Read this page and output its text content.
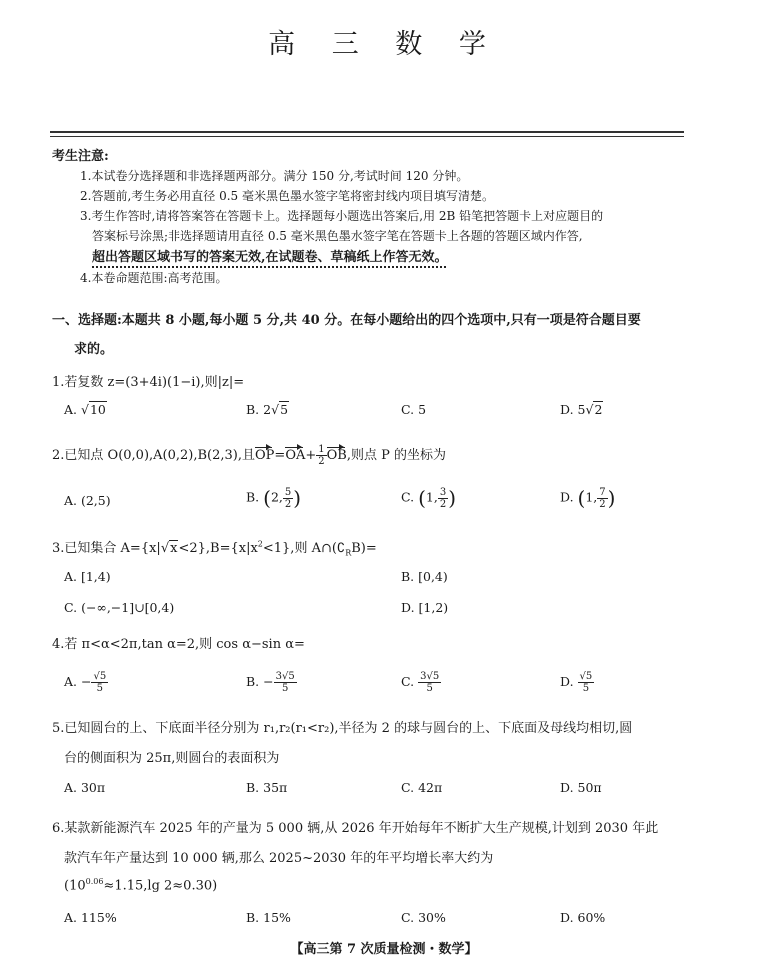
高 三 数 学
考生注意:
1.本试卷分选择题和非选择题两部分。满分 150 分,考试时间 120 分钟。
2.答题前,考生务必用直径 0.5 毫米黑色墨水签字笔将密封线内项目填写清楚。
3.考生作答时,请将答案答在答题卡上。选择题每小题选出答案后,用 2B 铅笔把答题卡上对应题目的
答案标号涂黑;非选择题请用直径 0.5 毫米黑色墨水签字笔在答题卡上各题的答题区域内作答,
超出答题区域书写的答案无效,在试题卷、草稿纸上作答无效。
4.本卷命题范围:高考范围。
一、选择题:本题共 8 小题,每小题 5 分,共 40 分。在每小题给出的四个选项中,只有一项是符合题目要
求的。
1.若复数 z=(3+4i)(1−i),则|z|=
A. √10	B. 2√5	C. 5	D. 5√2
2.已知点 O(0,0),A(0,2),B(2,3),且$OP=OA+ \frac{1}{2}$ OB,则点 P 的坐标为
A. (2,5)	B. (2, $\frac{5}{2}$ )	C. (1, $\frac{3}{2}$ )	D. (1, $\frac{7}{2}$ )
3.已知集合 $A=\{x|√x<2\},B=\{x|x^2<1\}$,则 $A\cap(∁_RB)=$
A. [1,4)	B. [0,4)
C. (−∞,−1]∪[0,4)	D. [1,2)
4.若 π<α<2π,tan α=2,则 cos α−sin α=
A. − $\frac{√5}{5}$	B. − $\frac{3√5}{5}$	C. $\frac{3√5}{5}$	D. $\frac{√5}{5}$
5.已知圆台的上、下底面半径分别为 r₁,r₂(r₁<r₂),半径为 2 的球与圆台的上、下底面及母线均相切,圆
台的侧面积为 25π,则圆台的表面积为
A. 30π	B. 35π	C. 42π	D. 50π
6.某款新能源汽车 2025 年的产量为 5 000 辆,从 2026 年开始每年不断扩大生产规模,计划到 2030 年此
款汽车年产量达到 10 000 辆,那么 2025~2030 年的年平均增长率大约为
($10^{0.06}\approx 1.15,\lg$ 2≈0.30)
A. 115%	B. 15%	C. 30%	D. 60%
【高三第 7 次质量检测・数学】
